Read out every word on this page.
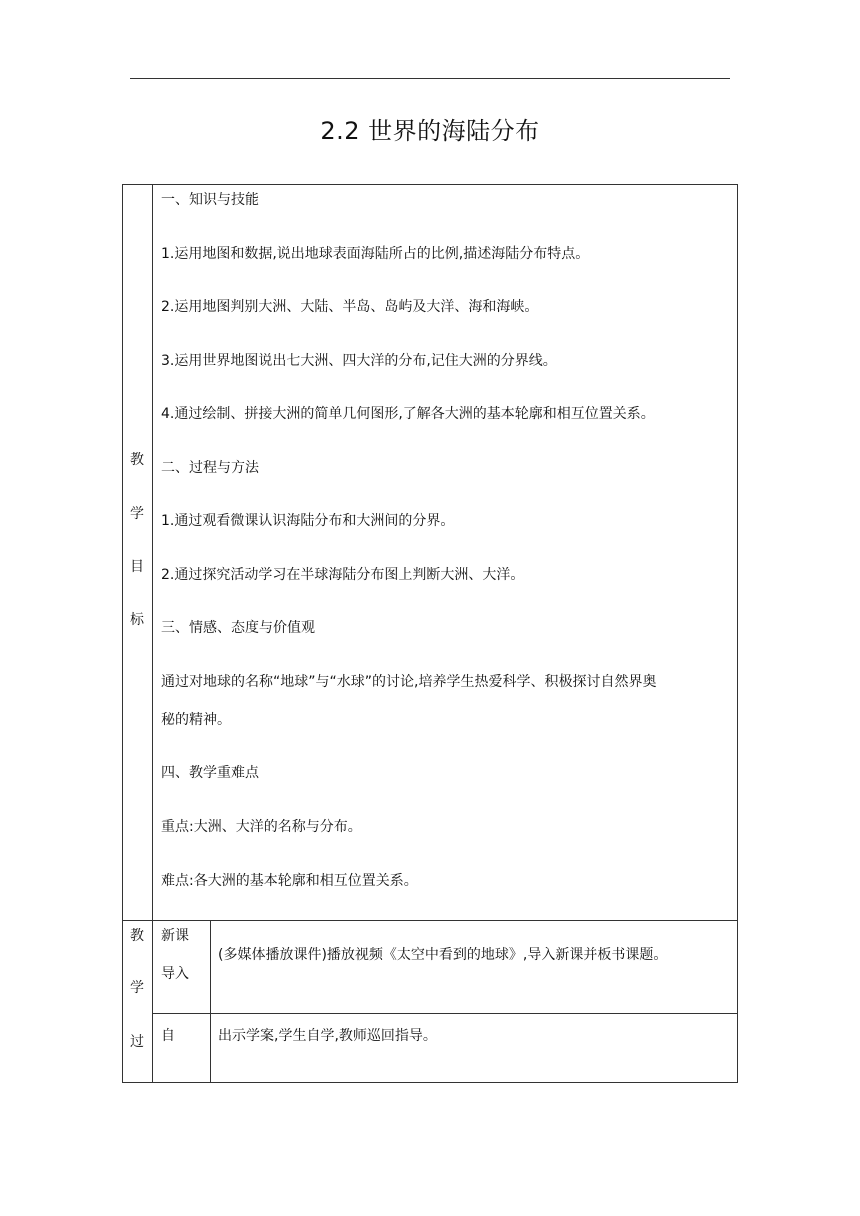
2.2 世界的海陆分布
教
学
目
标
一、知识与技能
1.运用地图和数据,说出地球表面海陆所占的比例,描述海陆分布特点。
2.运用地图判别大洲、大陆、半岛、岛屿及大洋、海和海峡。
3.运用世界地图说出七大洲、四大洋的分布,记住大洲的分界线。
4.通过绘制、拼接大洲的简单几何图形,了解各大洲的基本轮廓和相互位置关系。
二、过程与方法
1.通过观看微课认识海陆分布和大洲间的分界。
2.通过探究活动学习在半球海陆分布图上判断大洲、大洋。
三、情感、态度与价值观
通过对地球的名称“地球”与“水球”的讨论,培养学生热爱科学、积极探讨自然界奥
秘的精神。
四、教学重难点
重点:大洲、大洋的名称与分布。
难点:各大洲的基本轮廓和相互位置关系。
教
学
过
新课
导入
(多媒体播放课件)播放视频《太空中看到的地球》,导入新课并板书课题。
自	出示学案,学生自学,教师巡回指导。
